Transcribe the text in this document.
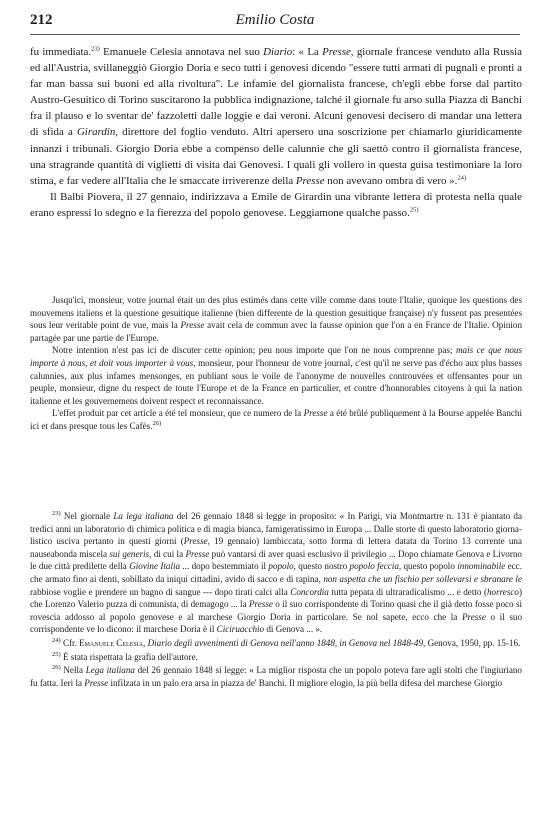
212	Emilio Costa

fu immediata.$^{23)}$ Emanuele Celesia annotava nel suo Diario: « La Presse, giornale francese venduto alla Russia ed all'Austria, svillaneggiò Giorgio Doria e seco tutti i genovesi dicendo "essere tutti armati di pugnali e pronti a far man bassa sui buoni ed alla rivoltura". Le infamie del giornalista francese, ch'egli ebbe forse dal partito Austro-Gesuitico di Torino suscitarono la pubblica indignazione, talché il giornale fu arso sulla Piazza di Banchi fra il plauso e lo sventar de' fazzoletti dalle loggie e dai veroni. Alcuni genovesi decisero di mandar una lettera di sfida a Girardin, direttore del foglio venduto. Altri apersero una soscrizione per chiamarlo giuridicamente innanzi i tribunali. Giorgio Doria ebbe a compenso delle calunnie che gli saettò contro il giornalista francese, una stragrande quantità di viglietti di visita dai Genovesi. I quali gli vollero in questa guisa testimoniare la loro stima, e far vedere all'Italia che le smaccate irriverenze della Presse non avevano ombra di vero ».$^{24)}$

Il Balbi Piovera, il 27 gennaio, indirizzava a Emile de Girardin una vibrante lettera di protesta nella quale erano espressi lo sdegno e la fierezza del popolo genovese. Leggiamone qualche passo.$^{25)}$

Jusqu'ici, monsieur, votre journal était un des plus estimés dans cette ville comme dans toute l'Italie, quoique les questions des mouvemens italiens et la questione gesuitique italienne (bien differente de la question gesuitique française) n'y fussent pas presentées sous leur veritable point de vue, mais la Presse avait cela de commun avec la fausse opinion que l'on a en France de l'Italie. Opinion partagée par une partie de l'Europe.

Notre intention n'est pas ici de discuter cette opinion; peu nous importe que l'on ne nous comprenne pas; mais ce que nous importe à nous, et doit vous importer à vous, monsieur, pour l'honneur de votre journal, c'est qu'il ne serve pas d'écho aux plus basses calunnies, aux plus infames mensonges, en publiant sous le voile de l'anonyme de nouvelles controuvées et offensantes pour un peuple, monsieur, digne du respect de toute l'Europe et de la France en particulier, et contre d'honnorables citoyens à qui la nation italienne et les gouvernemens doivent respect et reconnaissance.

L'effet produit par cet article a été tel monsieur, que ce numero de la Presse a été brûlé publiquement à la Bourse appelée Banchi ici et dans presque tous les Cafès.$^{26)}$

$^{23)}$ Nel giornale La lega italiana del 26 gennaio 1848 si legge in proposito: « In Parigi, via Montmartre n. 131 è piantato da tredici anni un laboratorio di chimica politica e di magia bianca, famigeratissimo in Europa ... Dalle storte di questo laboratorio giornalistico usciva pertanto in questi giorni (Presse, 19 gennaio) lambiccata, sotto forma di lettera datata da Torino 13 corrente una nauseabonda miscela sui generis, di cui la Presse può vantarsi di aver quasi esclusivo il privilegio ... Dopo chiamate Genova e Livorno le due città predilette della Giovine Italia ... dopo bestemmiato il popolo, questo nostro popolo feccia, questo popolo innominabile ecc. che armato fino ai denti, sobillato da iniqui cittadini, avido di sacco e di rapina, non aspetta che un fischio per sollevarsi e sbranare le rabbiose voglie e prendere un bagno di sangue --- dopo tirati calci alla Concordia tutta pepata di ultraradicalismo ... e detto (horresco) che Lorenzo Valerio puzza di comunista, di demagogo ... la Presse o il suo corrispondente di Torino quasi che il già detto fosse poco si rovescia addosso al popolo genovese e al marchese Giorgio Doria in particolare. Se nol sapete, ecco che la Presse o il suo corrispondente ve lo dicono: il marchese Doria è il Ciciruacchio di Genova ... ».

$^{24)}$ Cfr. Emanuele Celesia, Diario degli avvenimenti di Genova nell'anno 1848, in Genova nel 1848-49, Genova, 1950, pp. 15-16.

$^{25)}$ È stata rispettata la grafia dell'autore.

$^{26)}$ Nella Lega italiana del 26 gennaio 1848 si legge: « La miglior risposta che un popolo poteva fare agli stolti che l'ingiuriano fu fatta. Ieri la Presse infilzata in un palo era arsa in piazza de' Banchi. Il migliore elogio, la più bella difesa del marchese Giorgio
